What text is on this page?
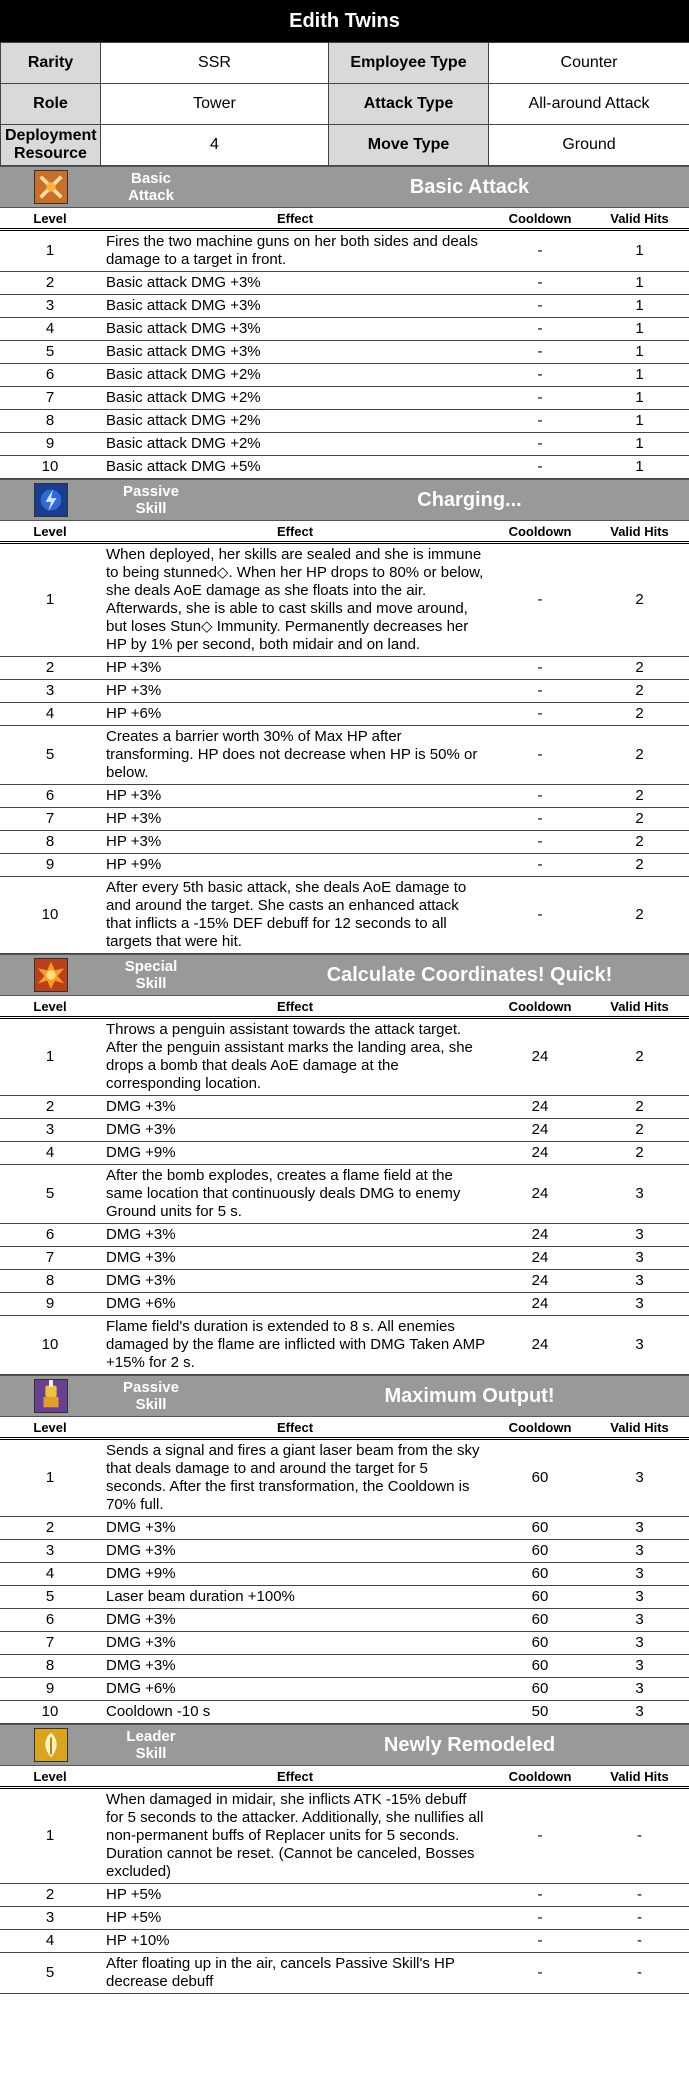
Edith Twins
Rarity	SSR	Employee Type	Counter
Role	Tower	Attack Type	All-around Attack
Deployment Resource	4	Move Type	Ground
Basic Attack	Basic Attack
Level	Effect	Cooldown	Valid Hits
1	Fires the two machine guns on her both sides and deals damage to a target in front.	-	1
2	Basic attack DMG +3%	-	1
3	Basic attack DMG +3%	-	1
4	Basic attack DMG +3%	-	1
5	Basic attack DMG +3%	-	1
6	Basic attack DMG +2%	-	1
7	Basic attack DMG +2%	-	1
8	Basic attack DMG +2%	-	1
9	Basic attack DMG +2%	-	1
10	Basic attack DMG +5%	-	1
Passive Skill	Charging...
Level	Effect	Cooldown	Valid Hits
1	When deployed, her skills are sealed and she is immune to being stunned◇. When her HP drops to 80% or below, she deals AoE damage as she floats into the air. Afterwards, she is able to cast skills and move around, but loses Stun◇ Immunity. Permanently decreases her HP by 1% per second, both midair and on land.	-	2
2	HP +3%	-	2
3	HP +3%	-	2
4	HP +6%	-	2
5	Creates a barrier worth 30% of Max HP after transforming. HP does not decrease when HP is 50% or below.	-	2
6	HP +3%	-	2
7	HP +3%	-	2
8	HP +3%	-	2
9	HP +9%	-	2
10	After every 5th basic attack, she deals AoE damage to and around the target. She casts an enhanced attack that inflicts a -15% DEF debuff for 12 seconds to all targets that were hit.	-	2
Special Skill	Calculate Coordinates! Quick!
Level	Effect	Cooldown	Valid Hits
1	Throws a penguin assistant towards the attack target. After the penguin assistant marks the landing area, she drops a bomb that deals AoE damage at the corresponding location.	24	2
2	DMG +3%	24	2
3	DMG +3%	24	2
4	DMG +9%	24	2
5	After the bomb explodes, creates a flame field at the same location that continuously deals DMG to enemy Ground units for 5 s.	24	3
6	DMG +3%	24	3
7	DMG +3%	24	3
8	DMG +3%	24	3
9	DMG +6%	24	3
10	Flame field's duration is extended to 8 s. All enemies damaged by the flame are inflicted with DMG Taken AMP +15% for 2 s.	24	3
Passive Skill	Maximum Output!
Level	Effect	Cooldown	Valid Hits
1	Sends a signal and fires a giant laser beam from the sky that deals damage to and around the target for 5 seconds. After the first transformation, the Cooldown is 70% full.	60	3
2	DMG +3%	60	3
3	DMG +3%	60	3
4	DMG +9%	60	3
5	Laser beam duration +100%	60	3
6	DMG +3%	60	3
7	DMG +3%	60	3
8	DMG +3%	60	3
9	DMG +6%	60	3
10	Cooldown -10 s	50	3
Leader Skill	Newly Remodeled
Level	Effect	Cooldown	Valid Hits
1	When damaged in midair, she inflicts ATK -15% debuff for 5 seconds to the attacker. Additionally, she nullifies all non-permanent buffs of Replacer units for 5 seconds. Duration cannot be reset. (Cannot be canceled, Bosses excluded)	-	-
2	HP +5%	-	-
3	HP +5%	-	-
4	HP +10%	-	-
5	After floating up in the air, cancels Passive Skill's HP decrease debuff	-	-
